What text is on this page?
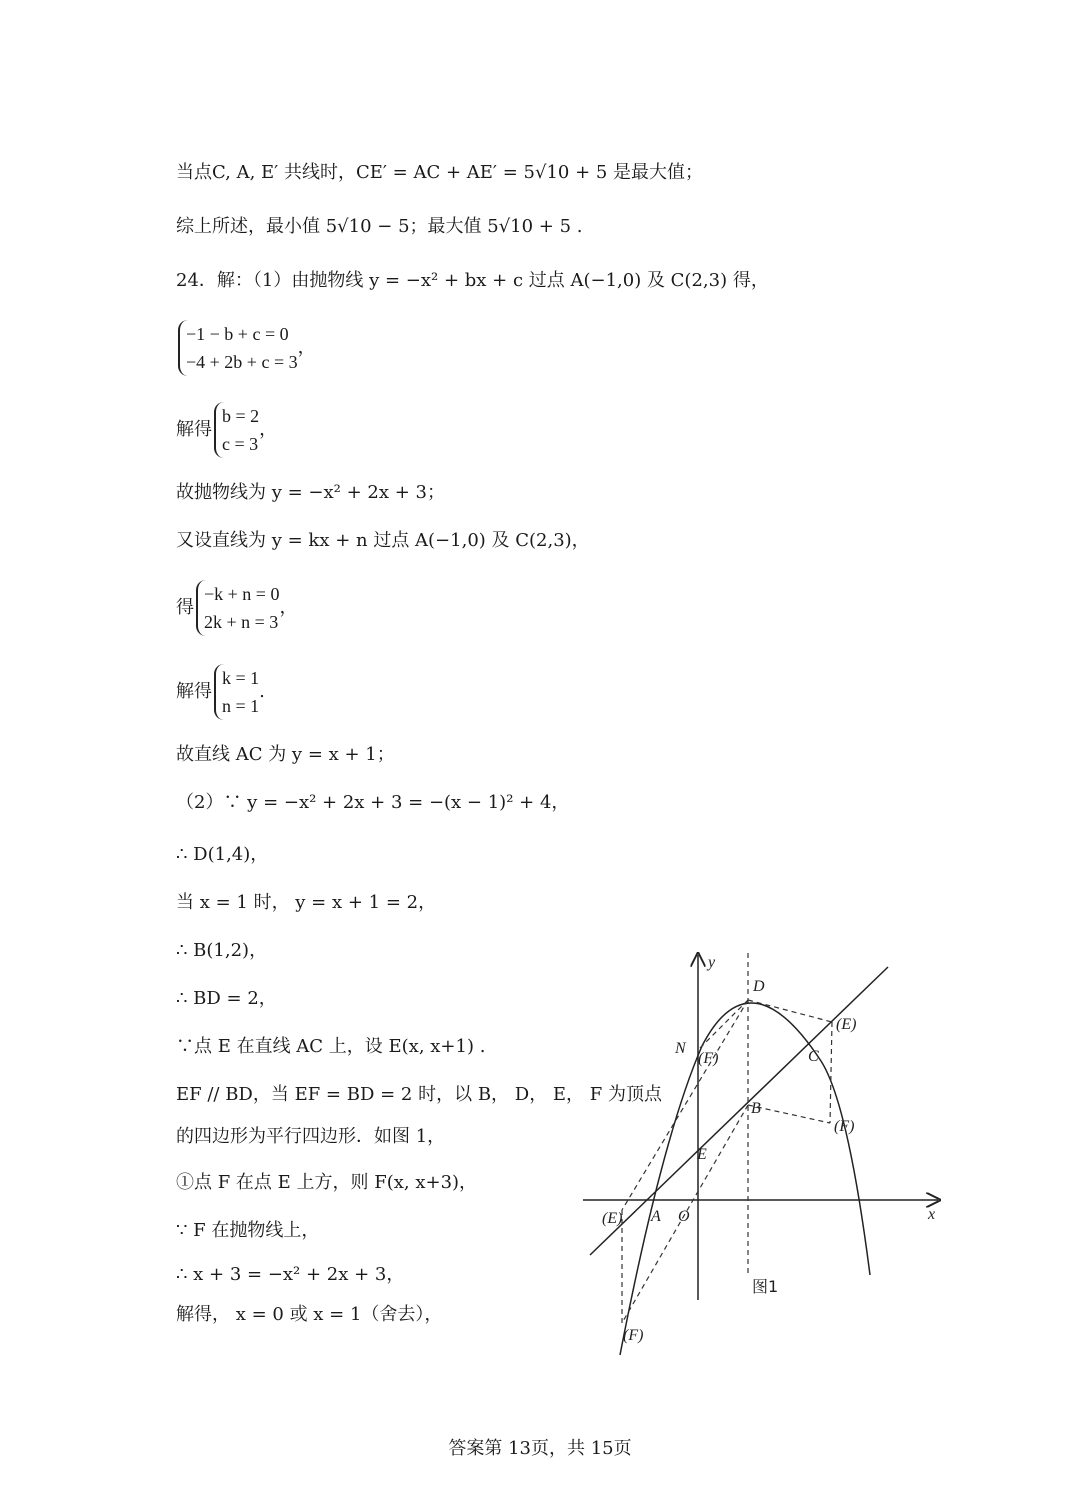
当点C, A, E′ 共线时，CE′ = AC + AE′ = 5√10 + 5 是最大值；
综上所述，最小值 5√10 − 5；最大值 5√10 + 5 .
24．解：（1）由抛物线 y = −x² + bx + c 过点 A(−1,0) 及 C(2,3) 得，
−1 − b + c = 0
−4 + 2b + c = 3
，
解得
b = 2
c = 3
，
故抛物线为 y = −x² + 2x + 3；
又设直线为 y = kx + n 过点 A(−1,0) 及 C(2,3)，
得
−k + n = 0
2k + n = 3
，
解得
k = 1
n = 1
.
故直线 AC 为 y = x + 1；
（2）∵ y = −x² + 2x + 3 = −(x − 1)² + 4，
∴ D(1,4)，
当 x = 1 时， y = x + 1 = 2，
∴ B(1,2)，
∴ BD = 2，
∵点 E 在直线 AC 上，设 E(x, x+1) .
EF // BD，当 EF = BD = 2 时，以 B， D， E， F 为顶点
的四边形为平行四边形．如图 1，
①点 F 在点 E 上方，则 F(x, x+3)，
∵ F 在抛物线上，
∴ x + 3 = −x² + 2x + 3，
解得， x = 0 或 x = 1（舍去），
y
x
D
(E)
N
(F)	C
B
(F)
E
(E) A O
(F)
图1
答案第 13页，共 15页
